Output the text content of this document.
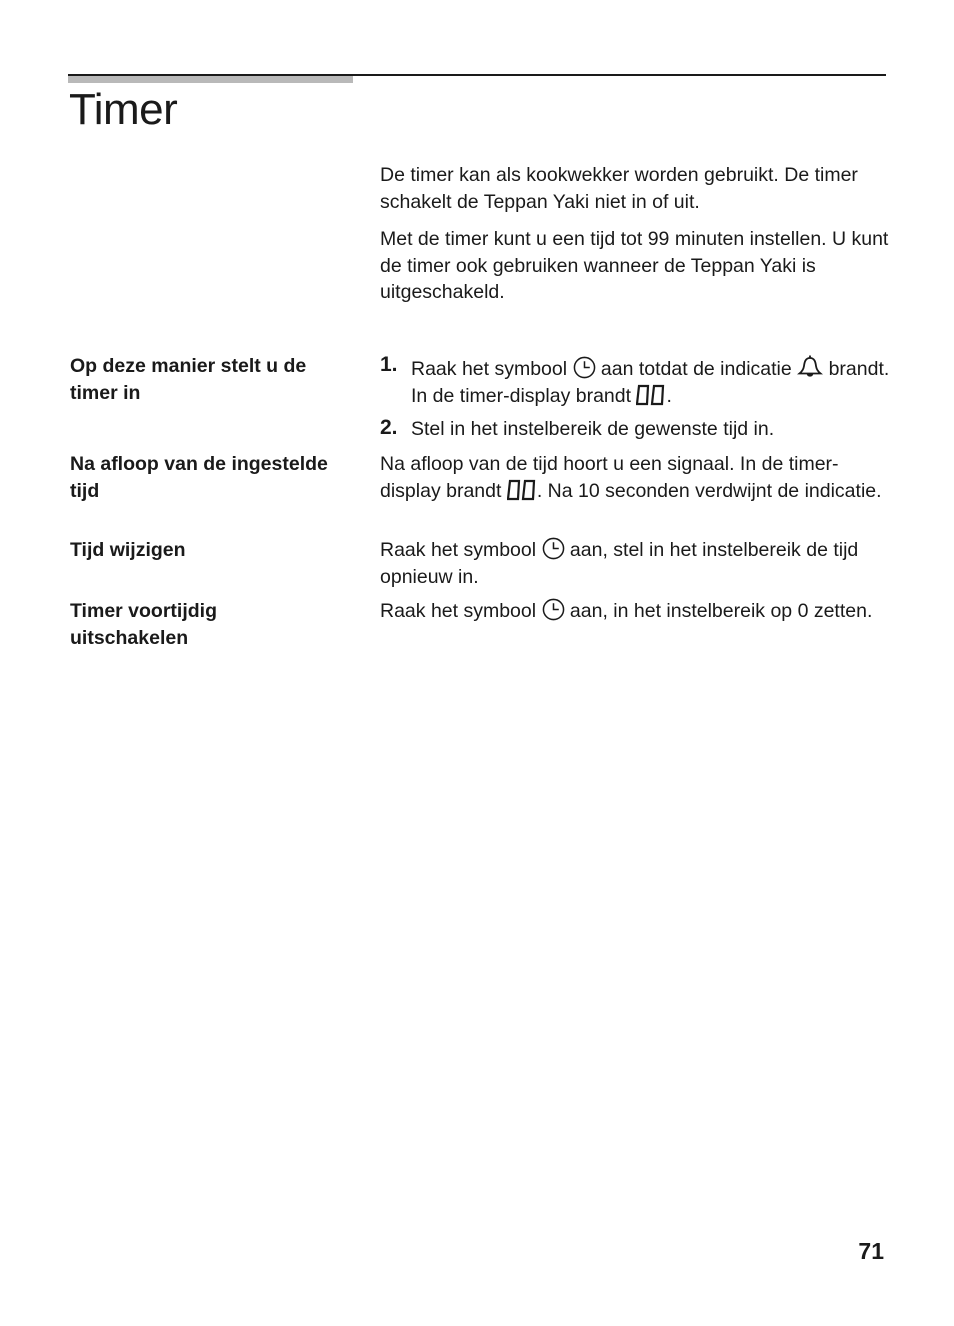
Timer

De timer kan als kookwekker worden gebruikt. De timer schakelt de Teppan Yaki niet in of uit.

Met de timer kunt u een tijd tot 99 minuten instellen. U kunt de timer ook gebruiken wanneer de Teppan Yaki is uitgeschakeld.

Op deze manier stelt u de timer in

1. Raak het symbool  aan totdat de indicatie  brandt. In de timer-display brandt .
2. Stel in het instelbereik de gewenste tijd in.

Na afloop van de ingestelde tijd

Na afloop van de tijd hoort u een signaal. In de timer-display brandt . Na 10 seconden verdwijnt de indicatie.

Tijd wijzigen	Raak het symbool  aan, stel in het instelbereik de tijd opnieuw in.

Timer voortijdig uitschakelen

Raak het symbool  aan, in het instelbereik op 0 zetten.

71
